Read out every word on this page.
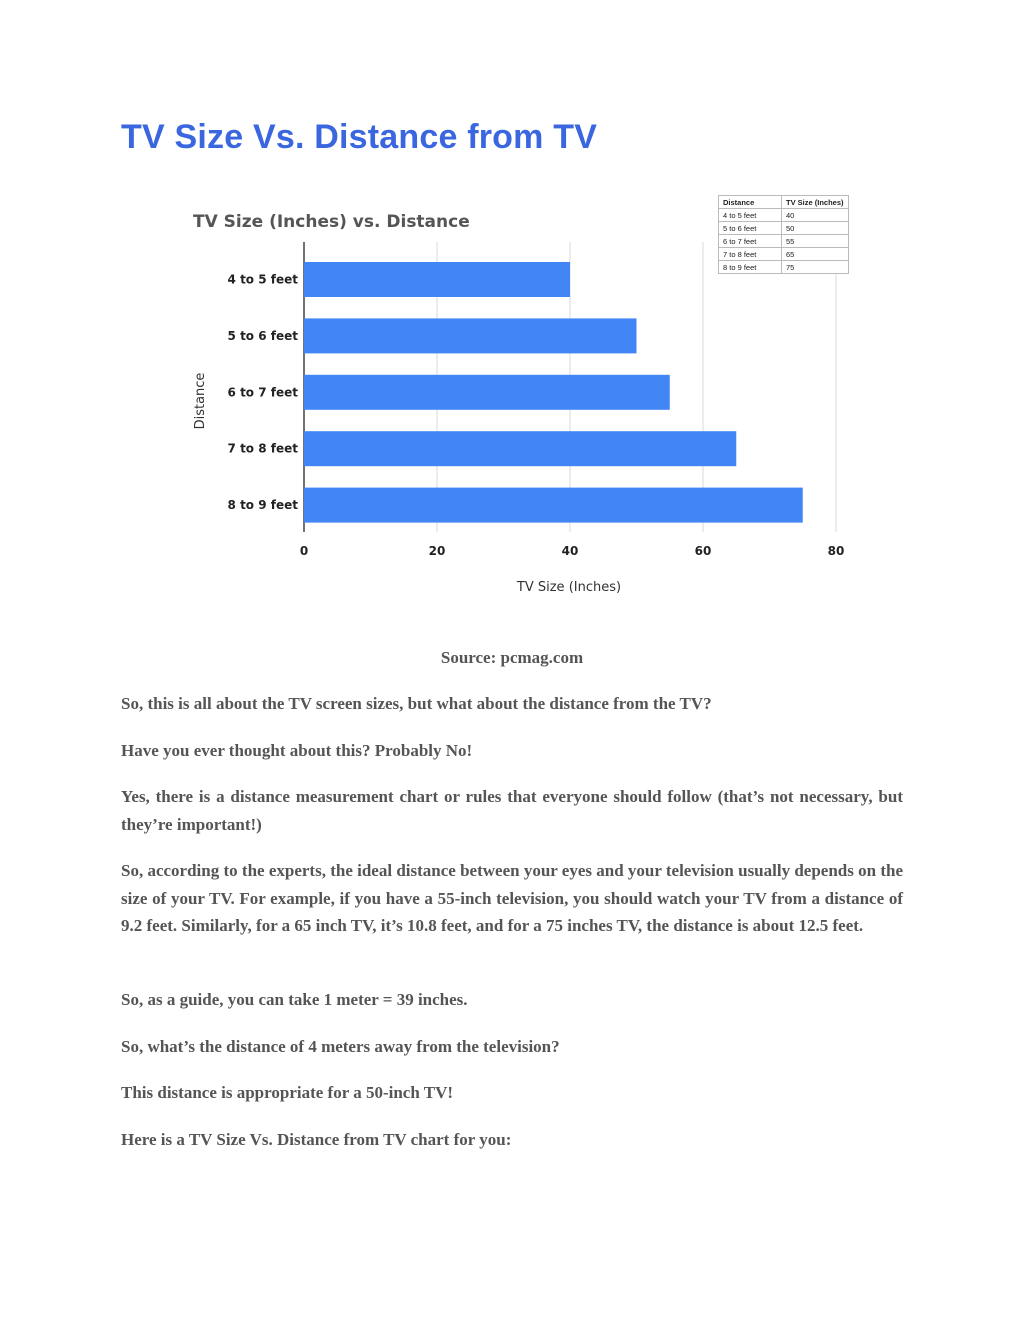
TV Size Vs. Distance from TV
TV Size (Inches) vs. Distance
0	20	40	60	80
4 to 5 feet
5 to 6 feet
6 to 7 feet
7 to 8 feet
8 to 9 feet
TV Size (Inches)
Distance
Distance	TV Size (Inches)
4 to 5 feet	40
5 to 6 feet	50
6 to 7 feet	55
7 to 8 feet	65
8 to 9 feet	75

Source: pcmag.com

So, this is all about the TV screen sizes, but what about the distance from the TV?

Have you ever thought about this? Probably No!

Yes, there is a distance measurement chart or rules that everyone should follow (that’s not necessary, but they’re important!)

So, according to the experts, the ideal distance between your eyes and your television usually depends on the size of your TV. For example, if you have a 55-inch television, you should watch your TV from a distance of 9.2 feet. Similarly, for a 65 inch TV, it’s 10.8 feet, and for a 75 inches TV, the distance is about 12.5 feet.

So, as a guide, you can take 1 meter = 39 inches.

So, what’s the distance of 4 meters away from the television?

This distance is appropriate for a 50-inch TV!

Here is a TV Size Vs. Distance from TV chart for you:
